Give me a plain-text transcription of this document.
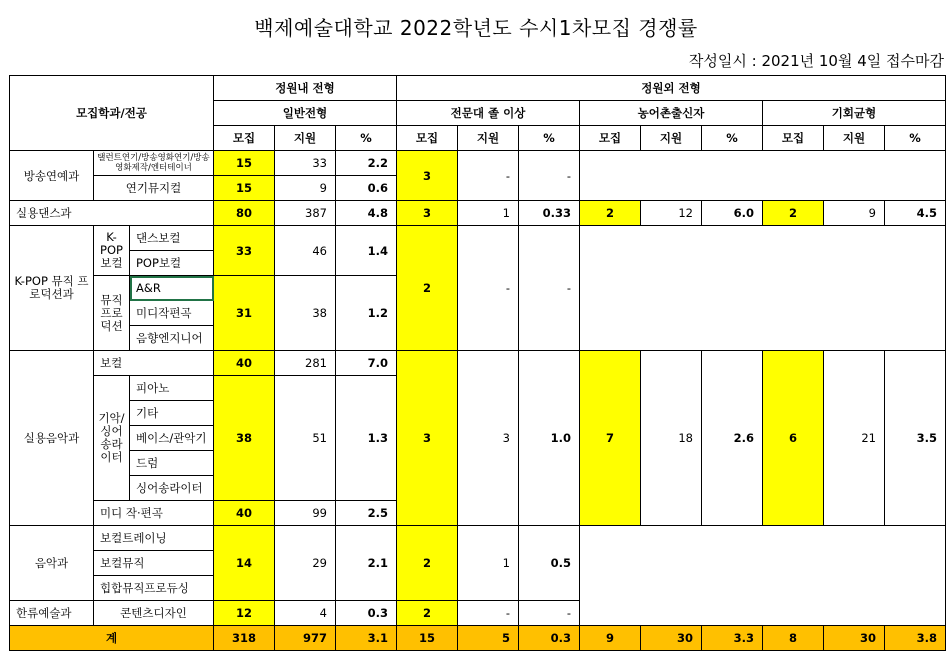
백제예술대학교 2022학년도 수시1차모집 경쟁률
작성일시 : 2021년 10월 4일 접수마감
모집학과/전공			정원내 전형			정원외 전형								
			일반전형			전문대 졸 이상			농어촌출신자			기회균형		
			모집	지원	%	모집	지원	%	모집	지원	%	모집	지원	%
방송연예과	탤런트연기/방송영화연기/방송영화제작/엔터테이너		15	33	2.2	3	-	-						
	연기뮤지컬		15	9	0.6									
실용댄스과			80	387	4.8	3	1	0.33	2	12	6.0	2	9	4.5
K-POP 뮤직 프로덕션과	K-POP 보컬	댄스보컬	33	46	1.4	2	-	-						
		POP보컬												
	뮤직 프로 덕션	A&R	31	38	1.2									
		미디작편곡												
		음향엔지니어												
실용음악과	보컬		40	281	7.0	3	3	1.0	7	18	2.6	6	21	3.5
	기악/싱어송라이터	피아노	38	51	1.3									
		기타												
		베이스/관악기												
		드럼												
		싱어송라이터												
	미디 작·편곡		40	99	2.5									
음악과	보컬트레이닝		14	29	2.1	2	1	0.5						
	보컬뮤직													
	힙합뮤직프로듀싱													
한류예술과	콘텐츠디자인		12	4	0.3	2	-	-						
계			318	977	3.1	15	5	0.3	9	30	3.3	8	30	3.8
